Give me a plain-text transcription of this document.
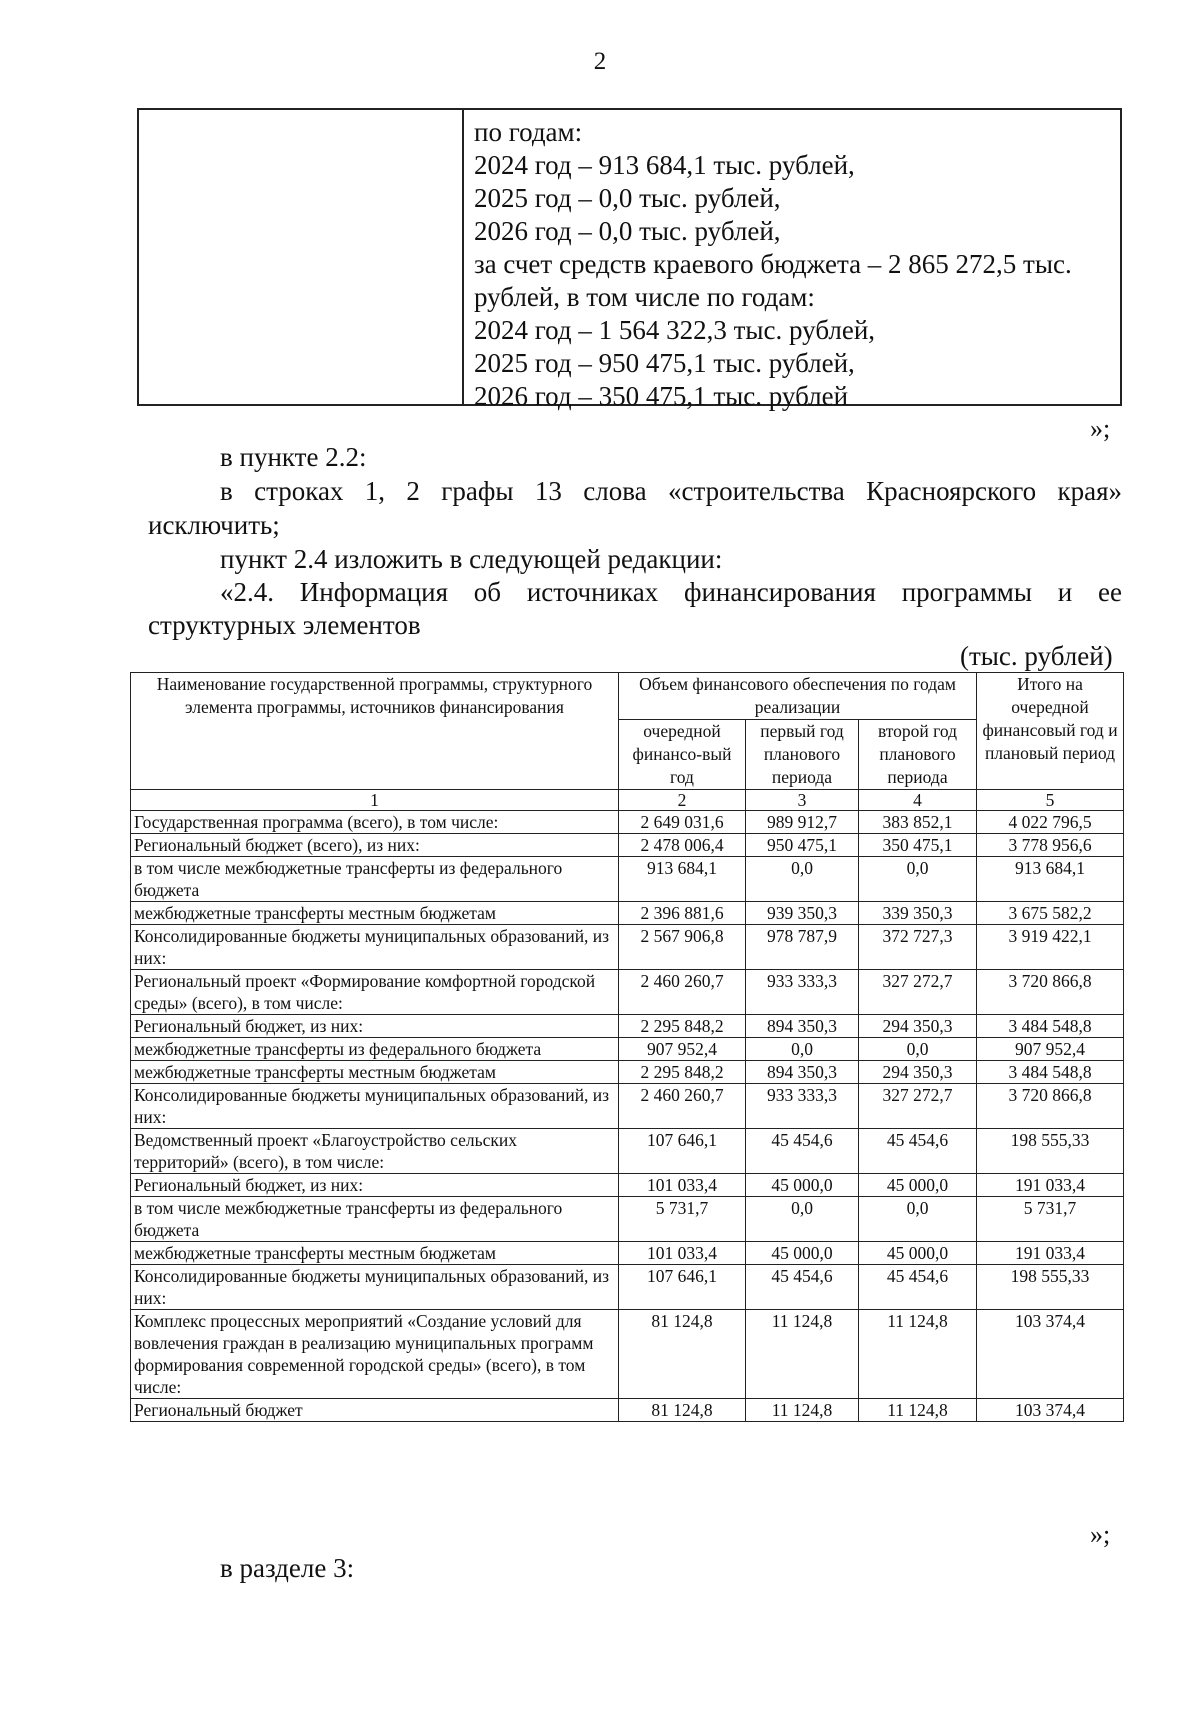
2
по годам:
2024 год – 913 684,1 тыс. рублей,
2025 год – 0,0 тыс. рублей,
2026 год – 0,0 тыс. рублей,
за счет средств краевого бюджета – 2 865 272,5 тыс.
рублей, в том числе по годам:
2024 год – 1 564 322,3 тыс. рублей,
2025 год – 950 475,1 тыс. рублей,
2026 год – 350 475,1 тыс. рублей
»;
в пункте 2.2:
в строках 1, 2 графы 13 слова «строительства Красноярского края»
исключить;
пункт 2.4 изложить в следующей редакции:
«2.4. Информация об источниках финансирования программы и ее
структурных элементов
(тыс. рублей)
Наименование государственной программы, структурного элемента программы, источников финансирования	Объем финансового обеспечения по годам реализации			Итого на очередной финансовый год и плановый период
	очередной финансо-вый год	первый год планового периода	второй год планового периода	
1	2	3	4	5
Государственная программа (всего), в том числе:	2 649 031,6	989 912,7	383 852,1	4 022 796,5
Региональный бюджет (всего), из них:	2 478 006,4	950 475,1	350 475,1	3 778 956,6
в том числе межбюджетные трансферты из федерального бюджета	913 684,1	0,0	0,0	913 684,1
межбюджетные трансферты местным бюджетам	2 396 881,6	939 350,3	339 350,3	3 675 582,2
Консолидированные бюджеты муниципальных образований, из них:	2 567 906,8	978 787,9	372 727,3	3 919 422,1
Региональный проект «Формирование комфортной городской среды» (всего), в том числе:	2 460 260,7	933 333,3	327 272,7	3 720 866,8
Региональный бюджет, из них:	2 295 848,2	894 350,3	294 350,3	3 484 548,8
межбюджетные трансферты из федерального бюджета	907 952,4	0,0	0,0	907 952,4
межбюджетные трансферты местным бюджетам	2 295 848,2	894 350,3	294 350,3	3 484 548,8
Консолидированные бюджеты муниципальных образований, из них:	2 460 260,7	933 333,3	327 272,7	3 720 866,8
Ведомственный проект «Благоустройство сельских территорий» (всего), в том числе:	107 646,1	45 454,6	45 454,6	198 555,33
Региональный бюджет, из них:	101 033,4	45 000,0	45 000,0	191 033,4
в том числе межбюджетные трансферты из федерального бюджета	5 731,7	0,0	0,0	5 731,7
межбюджетные трансферты местным бюджетам	101 033,4	45 000,0	45 000,0	191 033,4
Консолидированные бюджеты муниципальных образований, из них:	107 646,1	45 454,6	45 454,6	198 555,33
Комплекс процессных мероприятий «Создание условий для вовлечения граждан в реализацию муниципальных программ формирования современной городской среды» (всего), в том числе:	81 124,8	11 124,8	11 124,8	103 374,4
Региональный бюджет	81 124,8	11 124,8	11 124,8	103 374,4
»;
в разделе 3:
